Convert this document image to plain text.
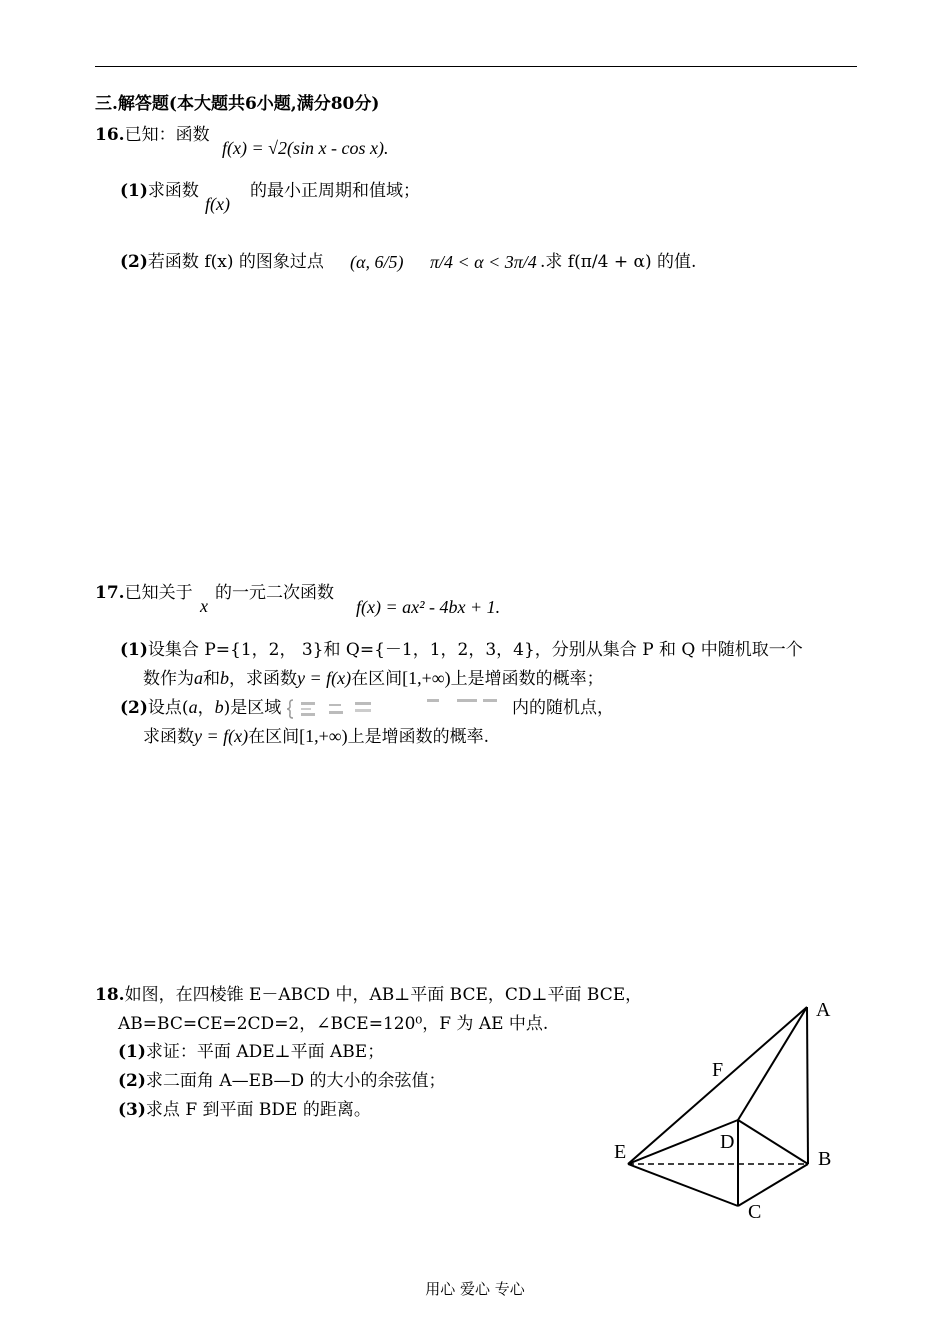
三.解答题(本大题共6小题,满分80分)
16.已知：函数
f(x) = √2(sin x - cos x).
(1)求函数
f(x)
的最小正周期和值域；
(2)若函数 f(x) 的图象过点 (α, 6/5) π/4 < α < 3π/4 .求 f(π/4 + α) 的值.
17.已知关于
x
的一元二次函数
f(x) = ax² - 4bx + 1.
(1)设集合 P={1，2， 3}和 Q={－1，1，2，3，4}，分别从集合 P 和 Q 中随机取一个
数作为a和b，求函数y = f(x)在区间[1,+∞)上是增函数的概率；
(2)设点(a，b)是区域	内的随机点，
求函数y = f(x)在区间[1,+∞)上是增函数的概率.
18.如图，在四棱锥 E－ABCD 中，AB⊥平面 BCE，CD⊥平面 BCE，
AB=BC=CE=2CD=2，∠BCE=120⁰，F 为 AE 中点.
(1)求证：平面 ADE⊥平面 ABE；
(2)求二面角 A—EB—D 的大小的余弦值；
(3)求点 F 到平面 BDE 的距离。
A
F
D
E	B
C
用心 爱心 专心
